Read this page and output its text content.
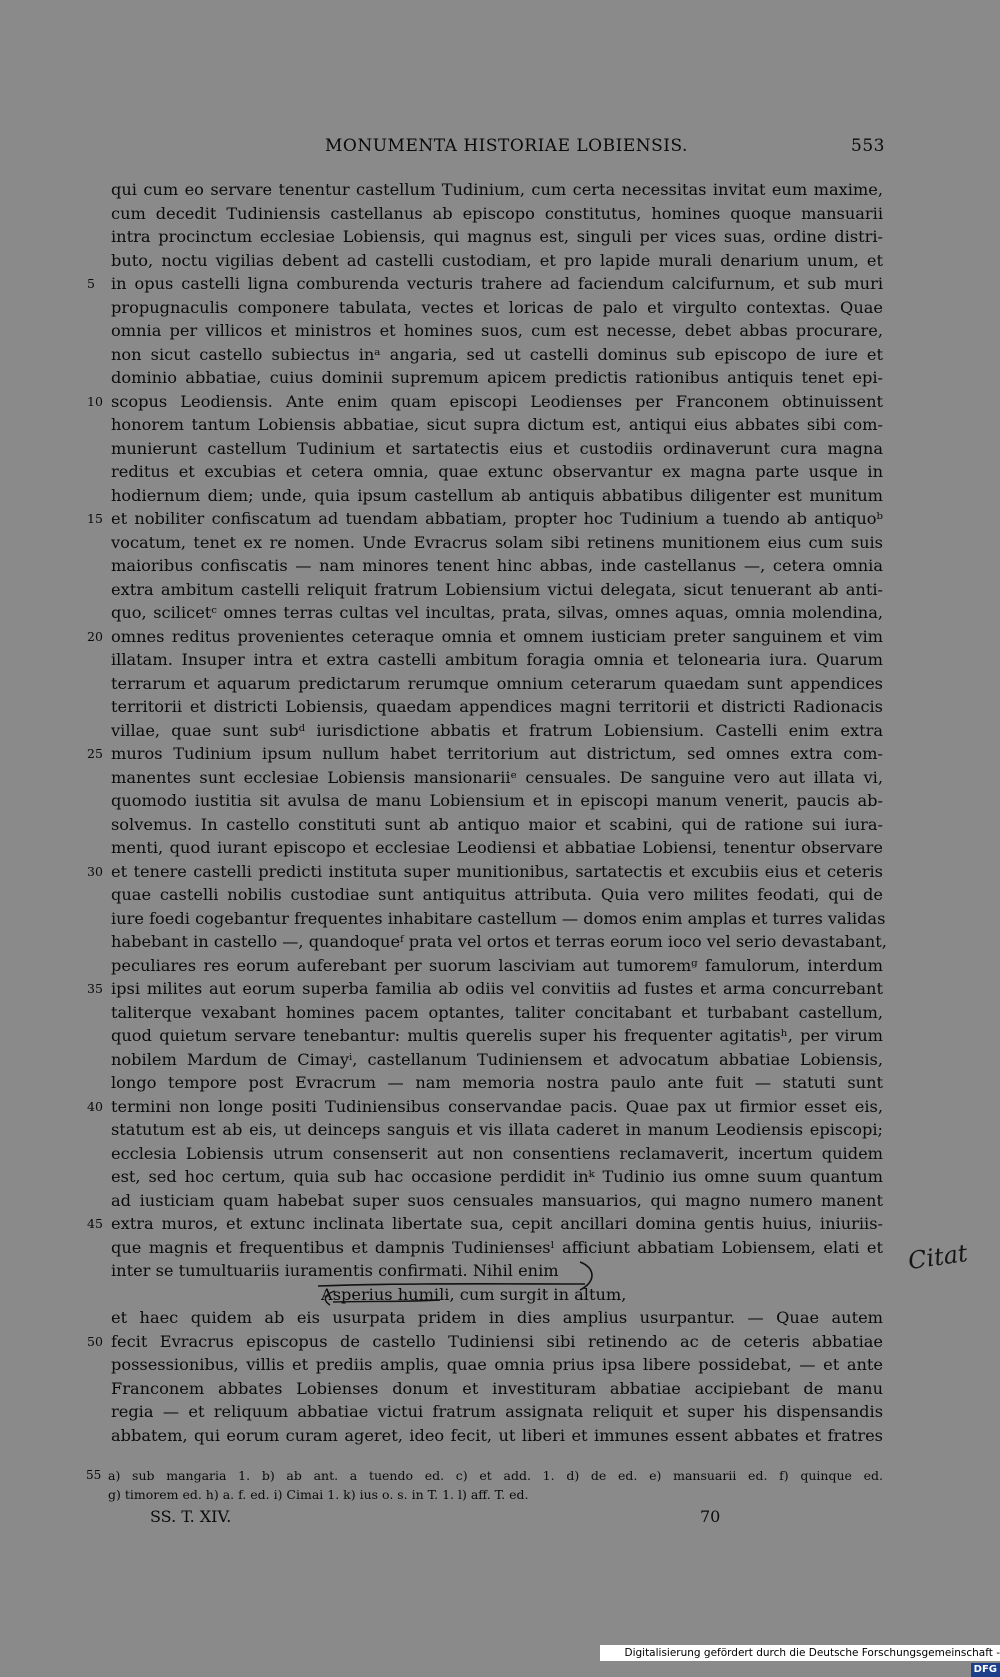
MONUMENTA HISTORIAE LOBIENSIS.	553
qui cum eo servare tenentur castellum Tudinium, cum certa necessitas invitat eum maxime,
cum decedit Tudiniensis castellanus ab episcopo constitutus, homines quoque mansuarii
intra procinctum ecclesiae Lobiensis, qui magnus est, singuli per vices suas, ordine distri-
buto, noctu vigilias debent ad castelli custodiam, et pro lapide murali denarium unum, et
5 in opus castelli ligna comburenda vecturis trahere ad faciendum calcifurnum, et sub muri
propugnaculis componere tabulata, vectes et loricas de palo et virgulto contextas. Quae
omnia per villicos et ministros et homines suos, cum est necesse, debet abbas procurare,
non sicut castello subiectus inᵃ angaria, sed ut castelli dominus sub episcopo de iure et
dominio abbatiae, cuius dominii supremum apicem predictis rationibus antiquis tenet epi-
10 scopus Leodiensis. Ante enim quam episcopi Leodienses per Franconem obtinuissent
honorem tantum Lobiensis abbatiae, sicut supra dictum est, antiqui eius abbates sibi com-
munierunt castellum Tudinium et sartatectis eius et custodiis ordinaverunt cura magna
reditus et excubias et cetera omnia, quae extunc observantur ex magna parte usque in
hodiernum diem; unde, quia ipsum castellum ab antiquis abbatibus diligenter est munitum
15 et nobiliter confiscatum ad tuendam abbatiam, propter hoc Tudinium a tuendo ab antiquoᵇ
vocatum, tenet ex re nomen. Unde Evracrus solam sibi retinens munitionem eius cum suis
maioribus confiscatis — nam minores tenent hinc abbas, inde castellanus —, cetera omnia
extra ambitum castelli reliquit fratrum Lobiensium victui delegata, sicut tenuerant ab anti-
quo, scilicetᶜ omnes terras cultas vel incultas, prata, silvas, omnes aquas, omnia molendina,
20 omnes reditus provenientes ceteraque omnia et omnem iusticiam preter sanguinem et vim
illatam. Insuper intra et extra castelli ambitum foragia omnia et telonearia iura. Quarum
terrarum et aquarum predictarum rerumque omnium ceterarum quaedam sunt appendices
territorii et districti Lobiensis, quaedam appendices magni territorii et districti Radionacis
villae, quae sunt subᵈ iurisdictione abbatis et fratrum Lobiensium. Castelli enim extra
25 muros Tudinium ipsum nullum habet territorium aut districtum, sed omnes extra com-
manentes sunt ecclesiae Lobiensis mansionariiᵉ censuales. De sanguine vero aut illata vi,
quomodo iustitia sit avulsa de manu Lobiensium et in episcopi manum venerit, paucis ab-
solvemus. In castello constituti sunt ab antiquo maior et scabini, qui de ratione sui iura-
menti, quod iurant episcopo et ecclesiae Leodiensi et abbatiae Lobiensi, tenentur observare
30 et tenere castelli predicti instituta super munitionibus, sartatectis et excubiis eius et ceteris
quae castelli nobilis custodiae sunt antiquitus attributa. Quia vero milites feodati, qui de
iure foedi cogebantur frequentes inhabitare castellum — domos enim amplas et turres validas
habebant in castello —, quandoqueᶠ prata vel ortos et terras eorum ioco vel serio devastabant,
peculiares res eorum auferebant per suorum lasciviam aut tumoremᵍ famulorum, interdum
35 ipsi milites aut eorum superba familia ab odiis vel convitiis ad fustes et arma concurrebant
taliterque vexabant homines pacem optantes, taliter concitabant et turbabant castellum,
quod quietum servare tenebantur: multis querelis super his frequenter agitatisʰ, per virum
nobilem Mardum de Cimayⁱ, castellanum Tudiniensem et advocatum abbatiae Lobiensis,
longo tempore post Evracrum — nam memoria nostra paulo ante fuit — statuti sunt
40 termini non longe positi Tudiniensibus conservandae pacis. Quae pax ut firmior esset eis,
statutum est ab eis, ut deinceps sanguis et vis illata caderet in manum Leodiensis episcopi;
ecclesia Lobiensis utrum consenserit aut non consentiens reclamaverit, incertum quidem
est, sed hoc certum, quia sub hac occasione perdidit inᵏ Tudinio ius omne suum quantum
ad iusticiam quam habebat super suos censuales mansuarios, qui magno numero manent
45 extra muros, et extunc inclinata libertate sua, cepit ancillari domina gentis huius, iniuriis-
que magnis et frequentibus et dampnis Tudiniensesˡ afficiunt abbatiam Lobiensem, elati et
inter se tumultuariis iuramentis confirmati. Nihil enim
Asperius humili, cum surgit in altum,
et haec quidem ab eis usurpata pridem in dies amplius usurpantur. — Quae autem
50 fecit Evracrus episcopus de castello Tudiniensi sibi retinendo ac de ceteris abbatiae
possessionibus, villis et prediis amplis, quae omnia prius ipsa libere possidebat, — et ante
Franconem abbates Lobienses donum et investituram abbatiae accipiebant de manu
regia — et reliquum abbatiae victui fratrum assignata reliquit et super his dispensandis
abbatem, qui eorum curam ageret, ideo fecit, ut liberi et immunes essent abbates et fratres
Citat
55 a) sub mangaria 1. b) ab ant. a tuendo ed. c) et add. 1. d) de ed. e) mansuarii ed. f) quinque ed.
g) timorem ed. h) a. f. ed. i) Cimai 1. k) ius o. s. in T. 1. l) aff. T. ed.
SS. T. XIV.	70
Digitalisierung gefördert durch die Deutsche Forschungsgemeinschaft -DFG
